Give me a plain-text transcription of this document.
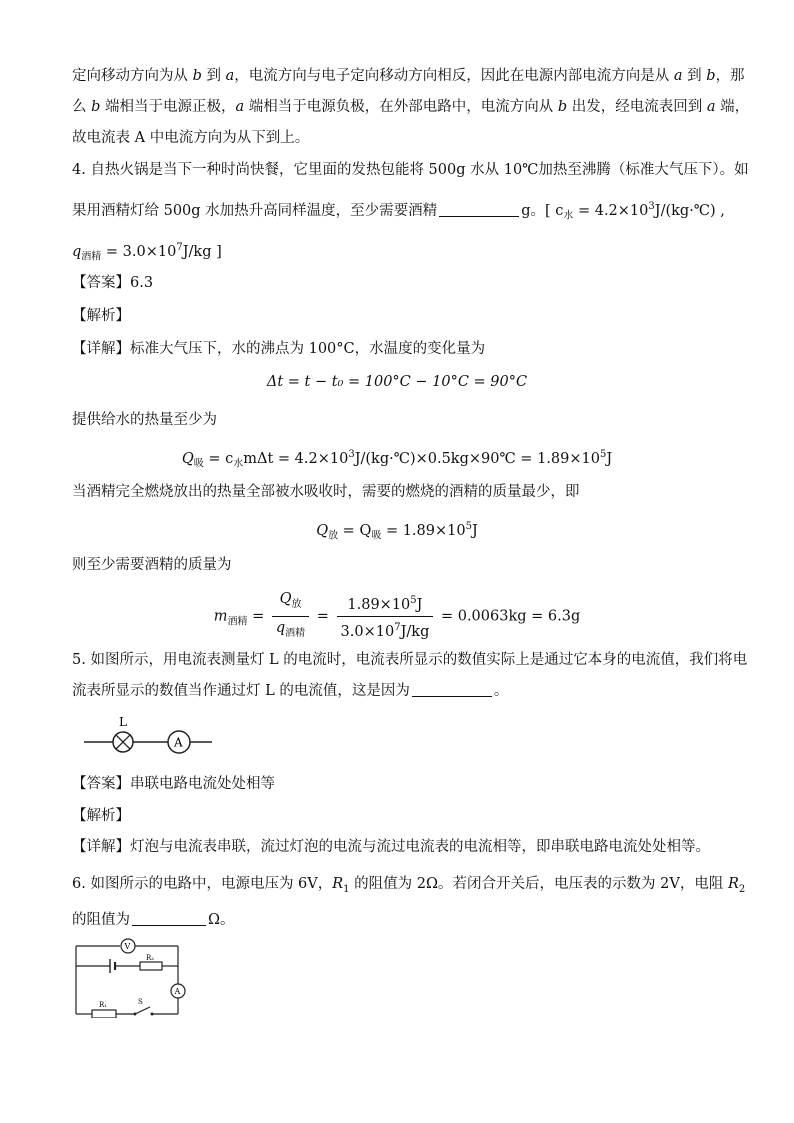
定向移动方向为从 b 到 a，电流方向与电子定向移动方向相反，因此在电源内部电流方向是从 a 到 b，那
么 b 端相当于电源正极，a 端相当于电源负极，在外部电路中，电流方向从 b 出发，经电流表回到 a 端，
故电流表 A 中电流方向为从下到上。
4. 自热火锅是当下一种时尚快餐，它里面的发热包能将 500g 水从 10℃加热至沸腾（标准大气压下）。如
果用酒精灯给 500g 水加热升高同样温度，至少需要酒精	g。[ $c_水$ = $4.2\times 10^3J/(kg\cdot℃)$ ,
$q_{酒精} = 3.0\times 10^7J/kg$ ]
【答案】6.3
【解析】
【详解】标准大气压下，水的沸点为 100°C，水温度的变化量为
Δt = t − t₀ = 100°C − 10°C = 90°C
提供给水的热量至少为
$Q_吸 = c_水m\Delta t$ = $4.2\times 10^3J/(kg\cdot℃)\times 0.5kg\times 90℃ = 1.89\times 10^5J$
当酒精完全燃烧放出的热量全部被水吸收时，需要的燃烧的酒精的质量最少，即
$Q_放 = Q_吸 = 1.89\times 10^5J$
则至少需要酒精的质量为
$m_{酒精} = \frac{Q_放}{q_{酒精}} = \frac{1.89\times 10^5J}{3.0\times 10^7J/kg} = 0.0063kg = 6.3g$
5. 如图所示，用电流表测量灯 L 的电流时，电流表所显示的数值实际上是通过它本身的电流值，我们将电
流表所显示的数值当作通过灯 L 的电流值，这是因为	。
L
A
【答案】串联电路电流处处相等
【解析】
【详解】灯泡与电流表串联，流过灯泡的电流与流过电流表的电流相等，即串联电路电流处处相等。
6. 如图所示的电路中，电源电压为 6V，$R_1$ 的阻值为 2Ω。若闭合开关后，电压表的示数为 2V，电阻 $R_2$
的阻值为	Ω。
V
R₂
A
R₁	S
